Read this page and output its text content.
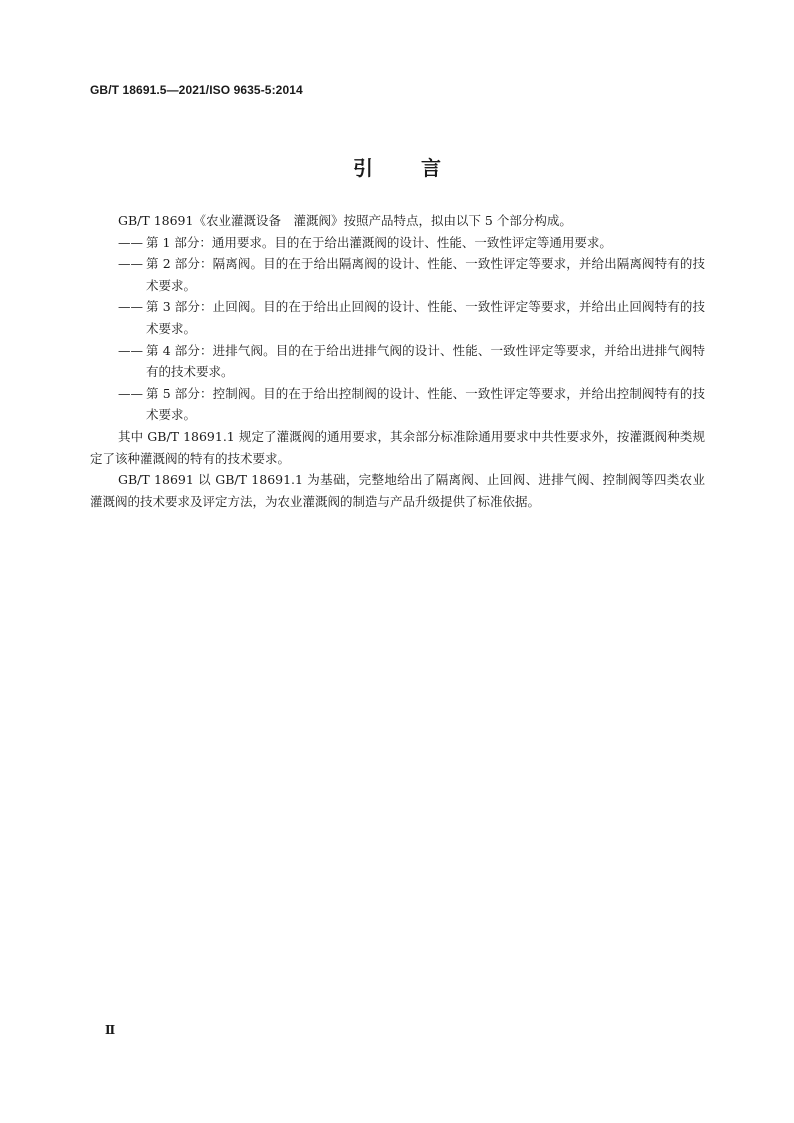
GB/T 18691.5—2021/ISO 9635-5:2014
引言

GB/T 18691《农业灌溉设备　灌溉阀》按照产品特点，拟由以下 5 个部分构成。

—— 第 1 部分：通用要求。目的在于给出灌溉阀的设计、性能、一致性评定等通用要求。

—— 第 2 部分：隔离阀。目的在于给出隔离阀的设计、性能、一致性评定等要求，并给出隔离阀特有的技术要求。

—— 第 3 部分：止回阀。目的在于给出止回阀的设计、性能、一致性评定等要求，并给出止回阀特有的技术要求。

—— 第 4 部分：进排气阀。目的在于给出进排气阀的设计、性能、一致性评定等要求，并给出进排气阀特有的技术要求。

—— 第 5 部分：控制阀。目的在于给出控制阀的设计、性能、一致性评定等要求，并给出控制阀特有的技术要求。

其中 GB/T 18691.1 规定了灌溉阀的通用要求，其余部分标准除通用要求中共性要求外，按灌溉阀种类规定了该种灌溉阀的特有的技术要求。

GB/T 18691 以 GB/T 18691.1 为基础，完整地给出了隔离阀、止回阀、进排气阀、控制阀等四类农业灌溉阀的技术要求及评定方法，为农业灌溉阀的制造与产品升级提供了标准依据。

Ⅱ
